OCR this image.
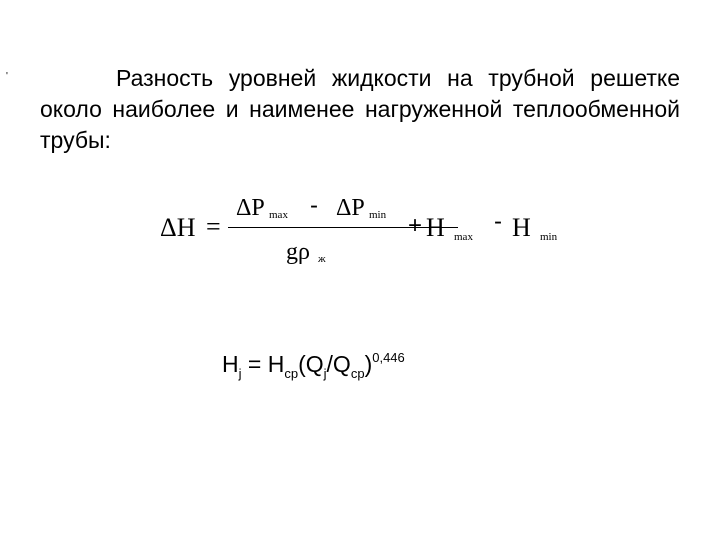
'	Разность уровней жидкости на трубной решетке около наиболее и наименее нагруженной теплообменной трубы:
ΔH =
ΔP max - ΔP min
gρ ж
+ H max
- H min
$H_j = H_{ср}(Q_j/Q_{ср})^{0,446}$
